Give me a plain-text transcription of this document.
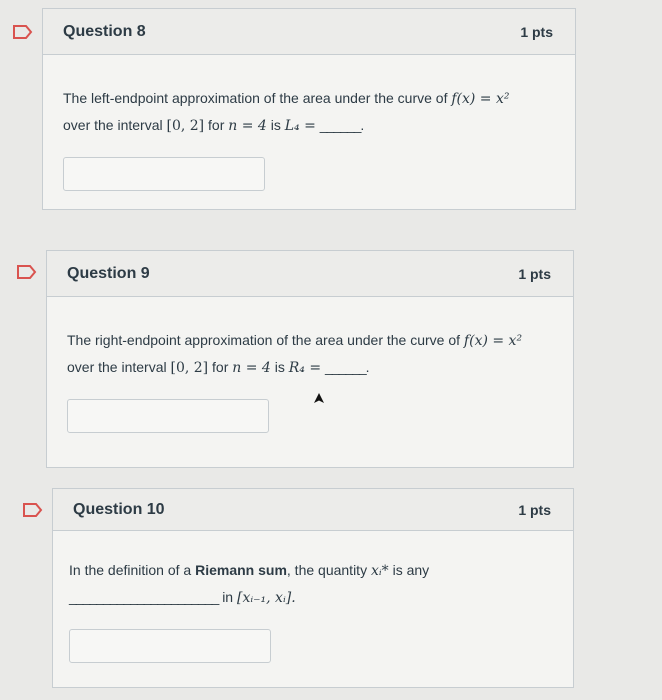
Question 8	1 pts
The left-endpoint approximation of the area under the curve of f(x) = x²
over the interval [0, 2] for n = 4 is L₄ = ______.
Question 9	1 pts
The right-endpoint approximation of the area under the curve of f(x) = x²
over the interval [0, 2] for n = 4 is R₄ = ______.
Question 10	1 pts
In the definition of a Riemann sum, the quantity xᵢ* is any
______________________ in [xᵢ₋₁, xᵢ].
